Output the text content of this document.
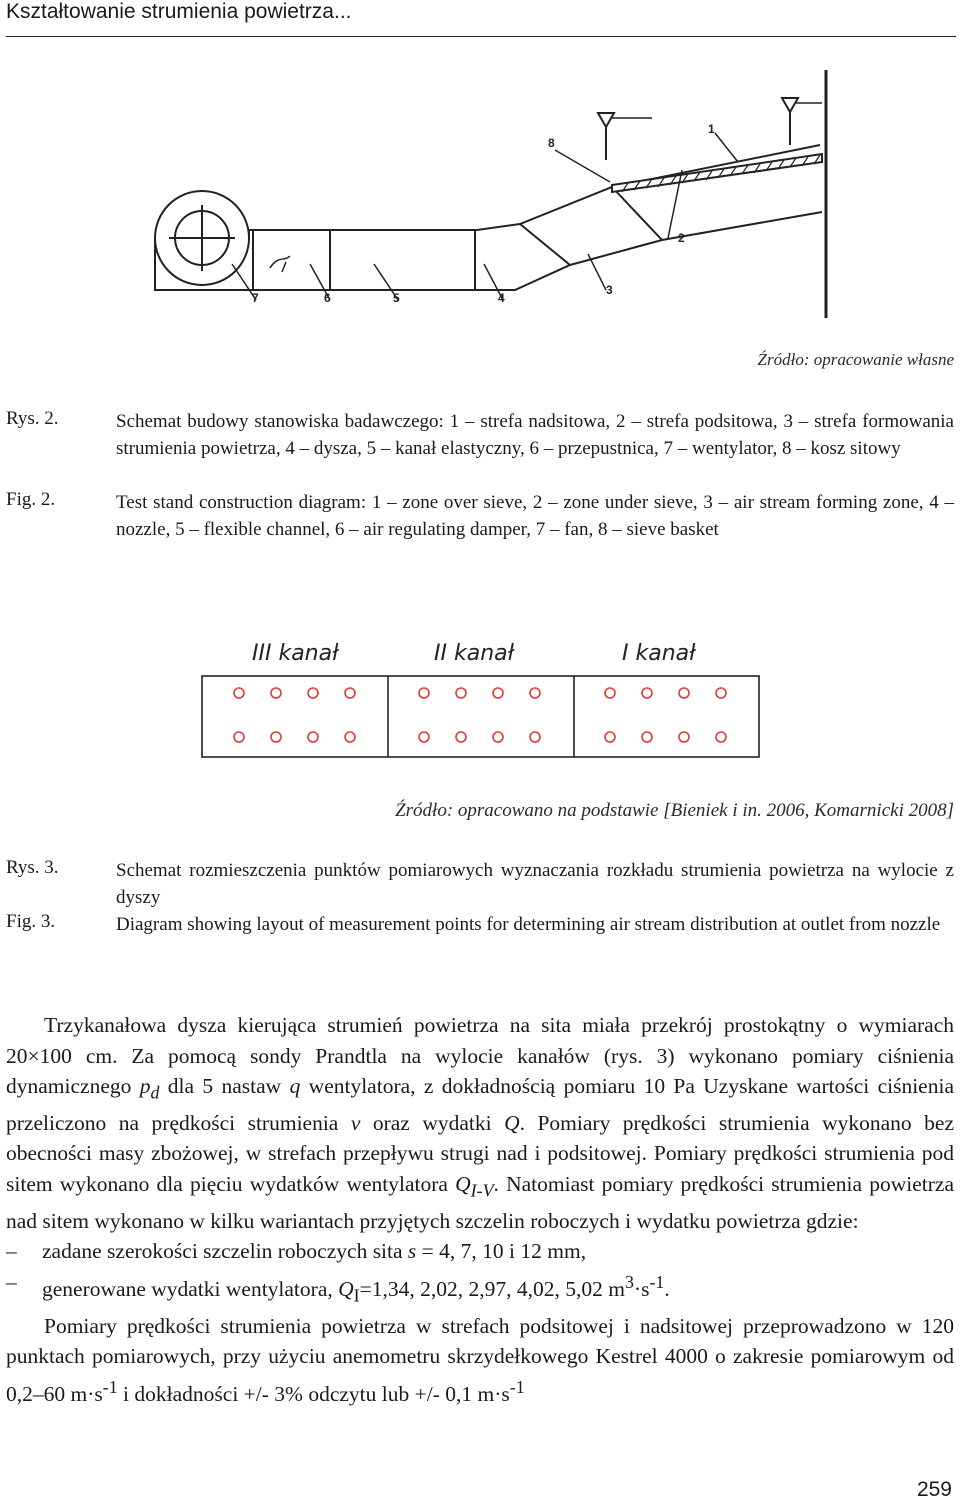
Kształtowanie strumienia powietrza...
8
1
2
3
7	6	5	4
III kanał	II kanał	I kanał
Źródło: opracowanie własne
Rys. 2.	Schemat budowy stanowiska badawczego: 1 – strefa nadsitowa, 2 – strefa podsitowa, 3 – strefa formowania strumienia powietrza, 4 – dysza, 5 – kanał elastyczny, 6 – przepustnica, 7 – wentylator, 8 – kosz sitowy
Fig. 2.	Test stand construction diagram: 1 – zone over sieve, 2 – zone under sieve, 3 – air stream forming zone, 4 – nozzle, 5 – flexible channel, 6 – air regulating damper, 7 – fan, 8 – sieve basket
Źródło: opracowano na podstawie [Bieniek i in. 2006, Komarnicki 2008]
Rys. 3.	Schemat rozmieszczenia punktów pomiarowych wyznaczania rozkładu strumienia powietrza na wylocie z dyszy
Fig. 3.	Diagram showing layout of measurement points for determining air stream distribution at outlet from nozzle

Trzykanałowa dysza kierująca strumień powietrza na sita miała przekrój prostokątny o wymiarach 20×100 cm. Za pomocą sondy Prandtla na wylocie kanałów (rys. 3) wykonano pomiary ciśnienia dynamicznego $p_d$ dla 5 nastaw q wentylatora, z dokładnością pomiaru 10 Pa Uzyskane wartości ciśnienia przeliczono na prędkości strumienia v oraz wydatki Q. Pomiary prędkości strumienia wykonano bez obecności masy zbożowej, w strefach przepływu strugi nad i podsitowej. Pomiary prędkości strumienia pod sitem wykonano dla pięciu wydatków wentylatora $Q_{I-V}$. Natomiast pomiary prędkości strumienia powietrza nad sitem wykonano w kilku wariantach przyjętych szczelin roboczych i wydatku powietrza gdzie:

–	zadane szerokości szczelin roboczych sita s = 4, 7, 10 i 12 mm,
–	generowane wydatki wentylatora, $Q_I=1,34$, 2,02, 2,97, 4,02, 5,02 $m^3\cdot s^{-1}$.

Pomiary prędkości strumienia powietrza w strefach podsitowej i nadsitowej przeprowadzono w 120 punktach pomiarowych, przy użyciu anemometru skrzydełkowego Kestrel 4000 o zakresie pomiarowym od 0,2–60 $m\cdot s^{-1}$ i dokładności +/- 3% odczytu lub +/- 0,1 $m\cdot s^{-1}$

259
